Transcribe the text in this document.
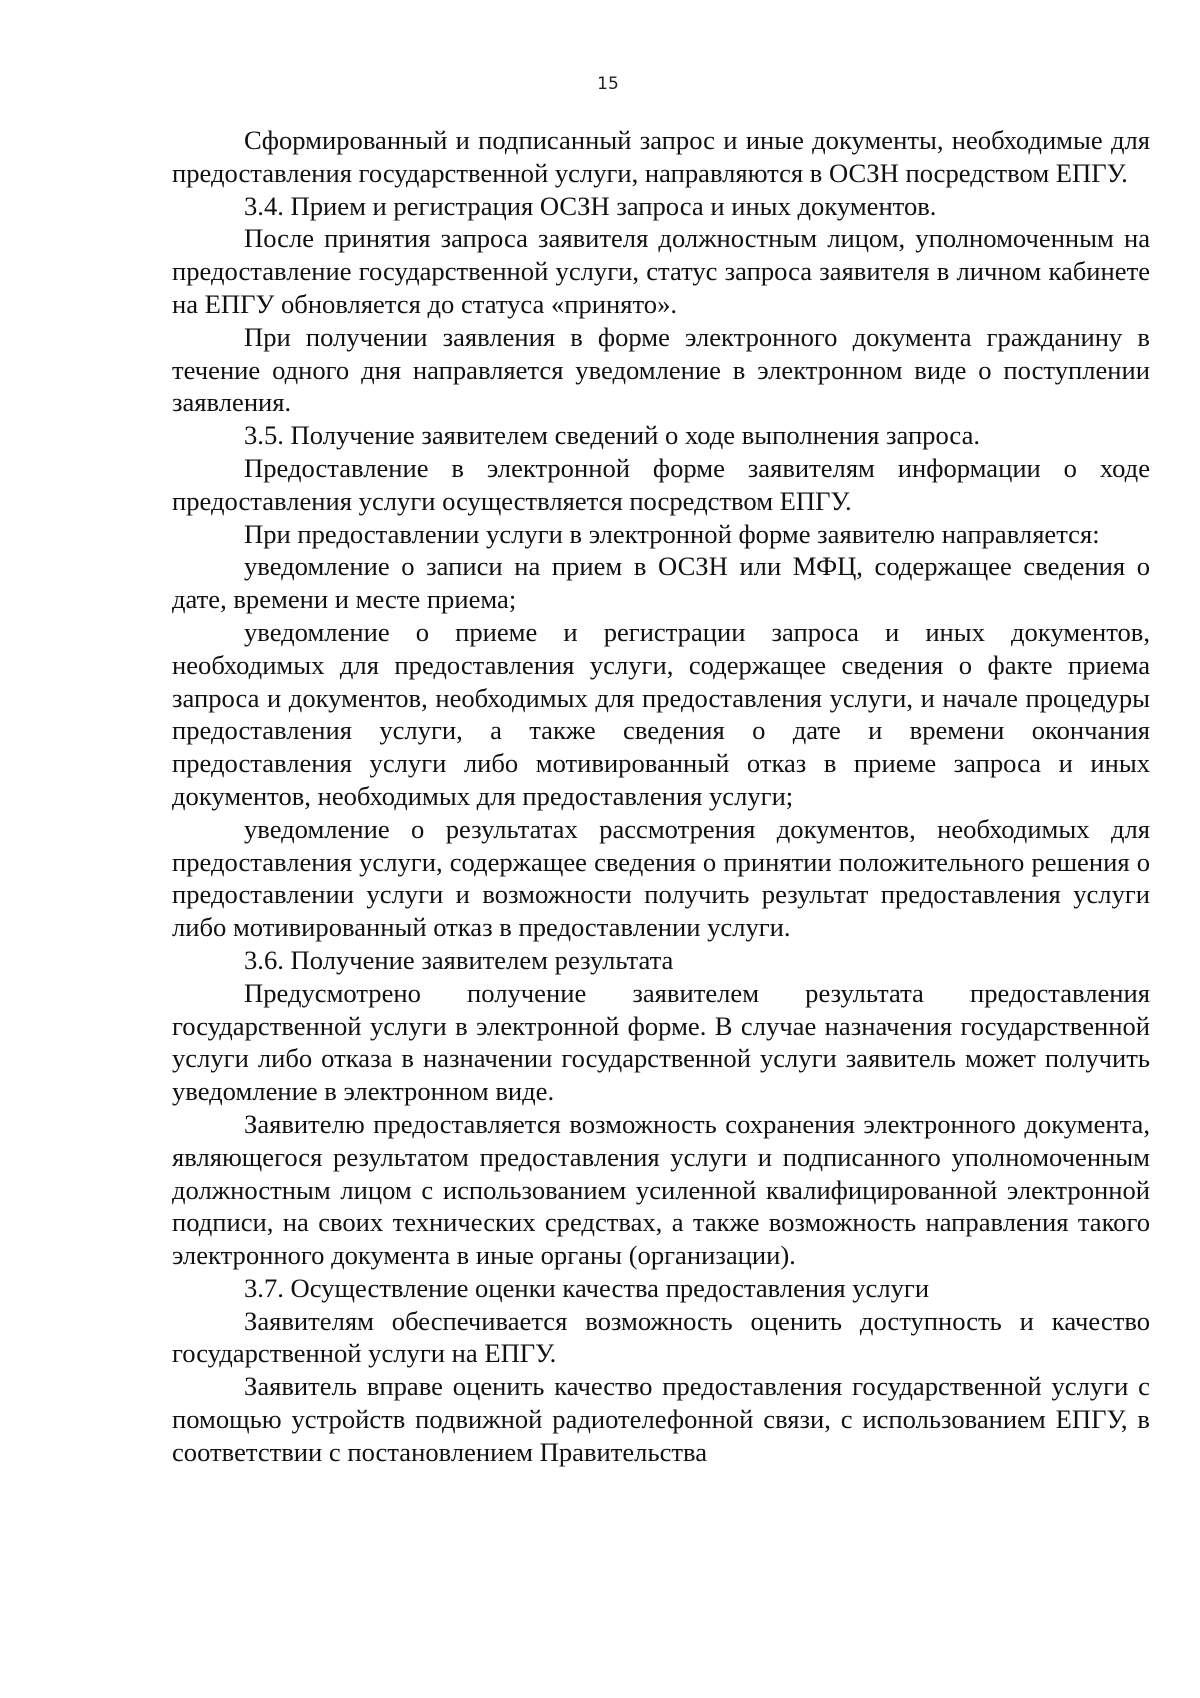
15

Сформированный и подписанный запрос и иные документы, необходимые для предоставления государственной услуги, направляются в ОСЗН посредством ЕПГУ.

3.4. Прием и регистрация ОСЗН запроса и иных документов.

После принятия запроса заявителя должностным лицом, уполномоченным на предоставление государственной услуги, статус запроса заявителя в личном кабинете на ЕПГУ обновляется до статуса «принято».

При получении заявления в форме электронного документа гражданину в течение одного дня направляется уведомление в электронном виде о поступлении заявления.

3.5. Получение заявителем сведений о ходе выполнения запроса.

Предоставление в электронной форме заявителям информации о ходе предоставления услуги осуществляется посредством ЕПГУ.

При предоставлении услуги в электронной форме заявителю направляется:

уведомление о записи на прием в ОСЗН или МФЦ, содержащее сведения о дате, времени и месте приема;

уведомление о приеме и регистрации запроса и иных документов, необходимых для предоставления услуги, содержащее сведения о факте приема запроса и документов, необходимых для предоставления услуги, и начале процедуры предоставления услуги, а также сведения о дате и времени окончания предоставления услуги либо мотивированный отказ в приеме запроса и иных документов, необходимых для предоставления услуги;

уведомление о результатах рассмотрения документов, необходимых для предоставления услуги, содержащее сведения о принятии положительного решения о предоставлении услуги и возможности получить результат предоставления услуги либо мотивированный отказ в предоставлении услуги.

3.6. Получение заявителем результата

Предусмотрено получение заявителем результата предоставления государственной услуги в электронной форме. В случае назначения государственной услуги либо отказа в назначении государственной услуги заявитель может получить уведомление в электронном виде.

Заявителю предоставляется возможность сохранения электронного документа, являющегося результатом предоставления услуги и подписанного уполномоченным должностным лицом с использованием усиленной квалифицированной электронной подписи, на своих технических средствах, а также возможность направления такого электронного документа в иные органы (организации).

3.7. Осуществление оценки качества предоставления услуги

Заявителям обеспечивается возможность оценить доступность и качество государственной услуги на ЕПГУ.

Заявитель вправе оценить качество предоставления государственной услуги с помощью устройств подвижной радиотелефонной связи, с использованием ЕПГУ, в соответствии с постановлением Правительства
